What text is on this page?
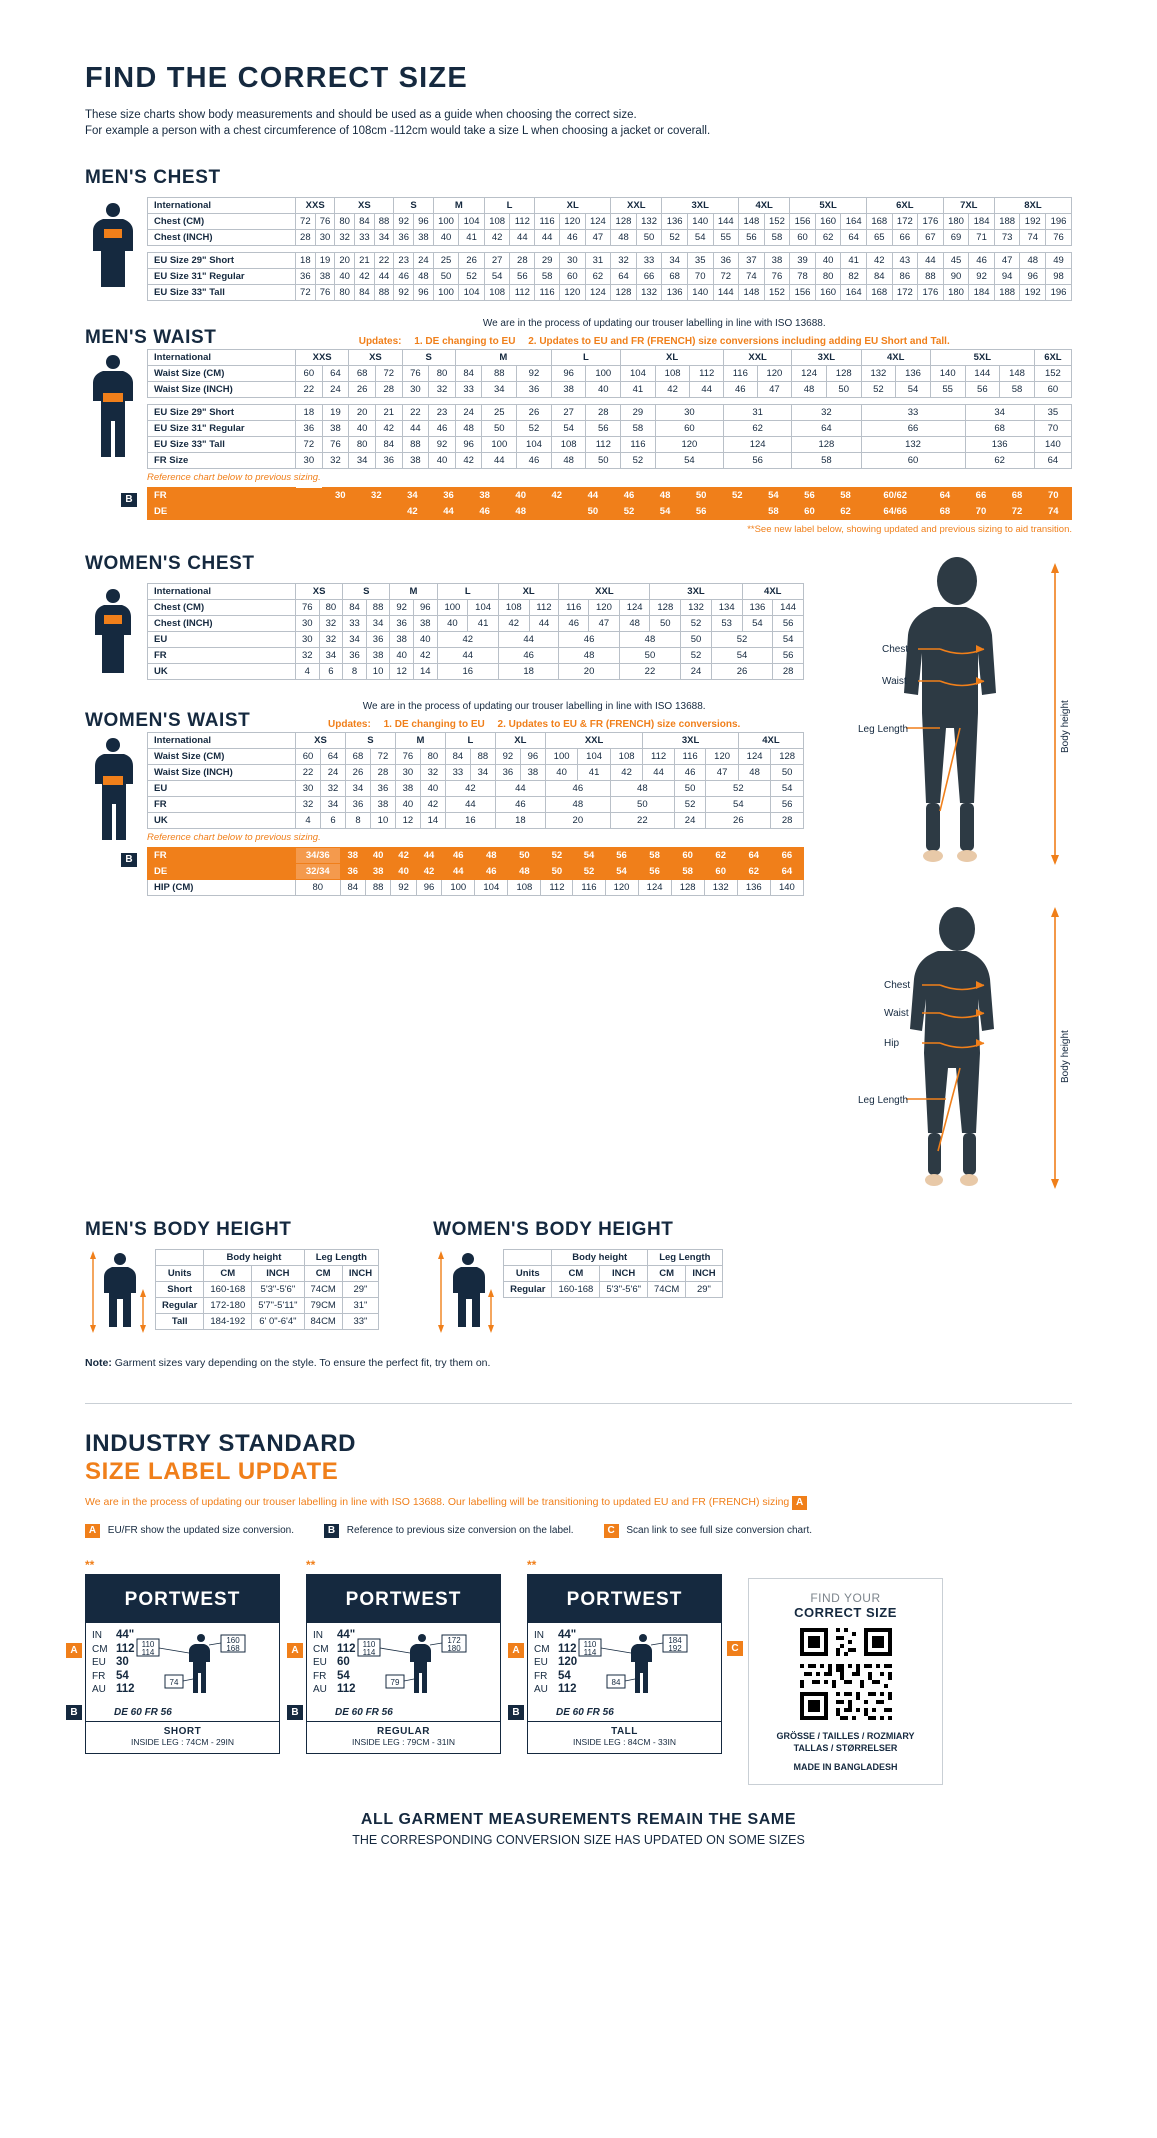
FIND THE CORRECT SIZE
These size charts show body measurements and should be used as a guide when choosing the correct size.
For example a person with a chest circumference of 108cm -112cm would take a size L when choosing a jacket or coverall.
MEN'S CHEST
International	XXS		XS			S		M		L		XL			XXL		3XL			4XL		5XL			6XL			7XL		8XL		
Chest (CM)	72	76	80	84	88	92	96	100	104	108	112	116	120	124	128	132	136	140	144	148	152	156	160	164	168	172	176	180	184	188	192	196
Chest (INCH)	28	30	32	33	34	36	38	40	41	42	44	44	46	47	48	50	52	54	55	56	58	60	62	64	65	66	67	69	71	73	74	76

EU Size 29" Short	18	19	20	21	22	23	24	25	26	27	28	29	30	31	32	33	34	35	36	37	38	39	40	41	42	43	44	45	46	47	48	49
EU Size 31" Regular	36	38	40	42	44	46	48	50	52	54	56	58	60	62	64	66	68	70	72	74	76	78	80	82	84	86	88	90	92	94	96	98
EU Size 33" Tall	72	76	80	84	88	92	96	100	104	108	112	116	120	124	128	132	136	140	144	148	152	156	160	164	168	172	176	180	184	188	192	196
MEN'S WAIST
We are in the process of updating our trouser labelling in line with ISO 13688.
Updates: 1. DE changing to EU 2. Updates to EU and FR (FRENCH) size conversions including adding EU Short and Tall.
International	XXS		XS		S		M			L		XL			XXL		3XL		4XL		5XL			6XL
Waist Size (CM)	60	64	68	72	76	80	84	88	92	96	100	104	108	112	116	120	124	128	132	136	140	144	148	152
Waist Size (INCH)	22	24	26	28	30	32	33	34	36	38	40	41	42	44	46	47	48	50	52	54	55	56	58	60

EU Size 29" Short	18	19	20	21	22	23	24	25	26	27	28	29	30		31		32		33			34		35
EU Size 31" Regular	36	38	40	42	44	46	48	50	52	54	56	58	60		62		64		66			68		70
EU Size 33" Tall	72	76	80	84	88	92	96	100	104	108	112	116	120		124		128		132			136		140
FR Size	30	32	34	36	38	40	42	44	46	48	50	52	54		56		58		60			62		64
Reference chart below to previous sizing.
B	FR			30	32	34	36	38	40	42	44	46	48	50	52	54	56	58	60/62	64	66	68	70
DE					42	44	46	48		50	52	54	56		58	60	62	64/66	68	70	72	74
**See new label below, showing updated and previous sizing to aid transition.
WOMEN'S CHEST
International	XS		S		M		L		XL		XXL			3XL			4XL	
Chest (CM)	76	80	84	88	92	96	100	104	108	112	116	120	124	128	132	134	136	144
Chest (INCH)	30	32	33	34	36	38	40	41	42	44	46	47	48	50	52	53	54	56
EU	30	32	34	36	38	40	42		44		46		48		50	52		54
FR	32	34	36	38	40	42	44		46		48		50		52	54		56
UK	4	6	8	10	12	14	16		18		20		22		24	26		28
WOMEN'S WAIST
We are in the process of updating our trouser labelling in line with ISO 13688.
Updates: 1. DE changing to EU 2. Updates to EU & FR (FRENCH) size conversions.
International	XS		S		M		L		XL		XXL			3XL			4XL	
Waist Size (CM)	60	64	68	72	76	80	84	88	92	96	100	104	108	112	116	120	124	128
Waist Size (INCH)	22	24	26	28	30	32	33	34	36	38	40	41	42	44	46	47	48	50
EU	30	32	34	36	38	40	42		44		46		48		50	52		54
FR	32	34	36	38	40	42	44		46		48		50		52	54		56
UK	4	6	8	10	12	14	16		18		20		22		24	26		28
Reference chart below to previous sizing.
B	FR	34/36	38	40	42	44	46	48	50	52	54	56	58	60	62	64	66
DE	32/34	36	38	40	42	44	46	48	50	52	54	56	58	60	62	64
HIP (CM)	80	84	88	92	96	100	104	108	112	116	120	124	128	132	136	140
Chest
Waist
Leg Length	Body height
Chest
Waist
Hip
Leg Length
Body height
MEN'S BODY HEIGHT
	Body height		Leg Length	
Units	CM	INCH	CM	INCH
Short	160-168	5'3"-5'6"	74CM	29"
Regular	172-180	5'7"-5'11"	79CM	31"
Tall	184-192	6' 0"-6'4"	84CM	33"
WOMEN'S BODY HEIGHT
	Body height		Leg Length	
Units	CM	INCH	CM	INCH
Regular	160-168	5'3"-5'6"	74CM	29"

Note: Garment sizes vary depending on the style. To ensure the perfect fit, try them on.

INDUSTRY STANDARD
SIZE LABEL UPDATE
We are in the process of updating our trouser labelling in line with ISO 13688. Our labelling will be transitioning to updated EU and FR (FRENCH) sizing A
A EU/FR show the updated size conversion.	B Reference to previous size conversion on the label.	C Scan link to see full size conversion chart.
**
PORTWEST
A
IN 44"
CM 112
EU 30
FR 54
AU 112
110
114
160
168
74
B	DE 60 FR 56
SHORT
INSIDE LEG : 74CM - 29IN
**
PORTWEST
A
IN 44"
CM 112
EU 60
FR 54
AU 112
110
114
172
180
79
B	DE 60 FR 56
REGULAR
INSIDE LEG : 79CM - 31IN
**
PORTWEST
A
IN 44"
CM 112
EU 120
FR 54
AU 112
110
114
184
192
84
B	DE 60 FR 56
TALL
INSIDE LEG : 84CM - 33IN
C
FIND YOUR
CORRECT SIZE
GRÖSSE / TAILLES / ROZMIARY
TALLAS / STØRRELSER
MADE IN BANGLADESH
ALL GARMENT MEASUREMENTS REMAIN THE SAME
THE CORRESPONDING CONVERSION SIZE HAS UPDATED ON SOME SIZES
